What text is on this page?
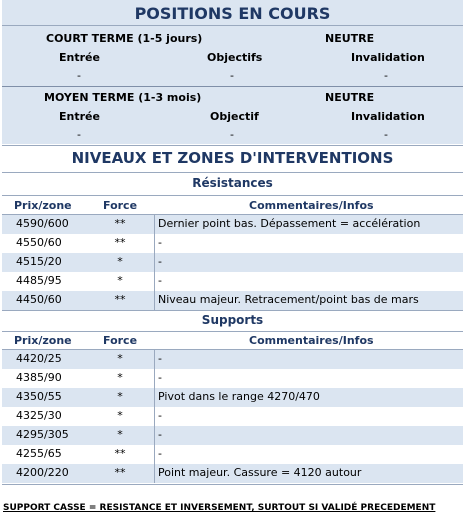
POSITIONS EN COURS
COURT TERME (1-5 jours)	NEUTRE
Entrée	Objectifs	Invalidation
-	-	-
MOYEN TERME (1-3 mois)	NEUTRE
Entrée	Objectif	Invalidation
-	-	-
NIVEAUX ET ZONES D'INTERVENTIONS
Résistances
Prix/zone	Force	Commentaires/Infos
4590/600	**	Dernier point bas. Dépassement = accélération
4550/60	**	-
4515/20	*	-
4485/95	*	-
4450/60	**	Niveau majeur. Retracement/point bas de mars
Supports
Prix/zone	Force	Commentaires/Infos
4420/25	*	-
4385/90	*	-
4350/55	*	Pivot dans le range 4270/470
4325/30	*	-
4295/305	*	-
4255/65	**	-
4200/220	**	Point majeur. Cassure = 4120 autour
SUPPORT CASSE = RESISTANCE ET INVERSEMENT, SURTOUT SI VALIDÉ PRECEDEMENT
